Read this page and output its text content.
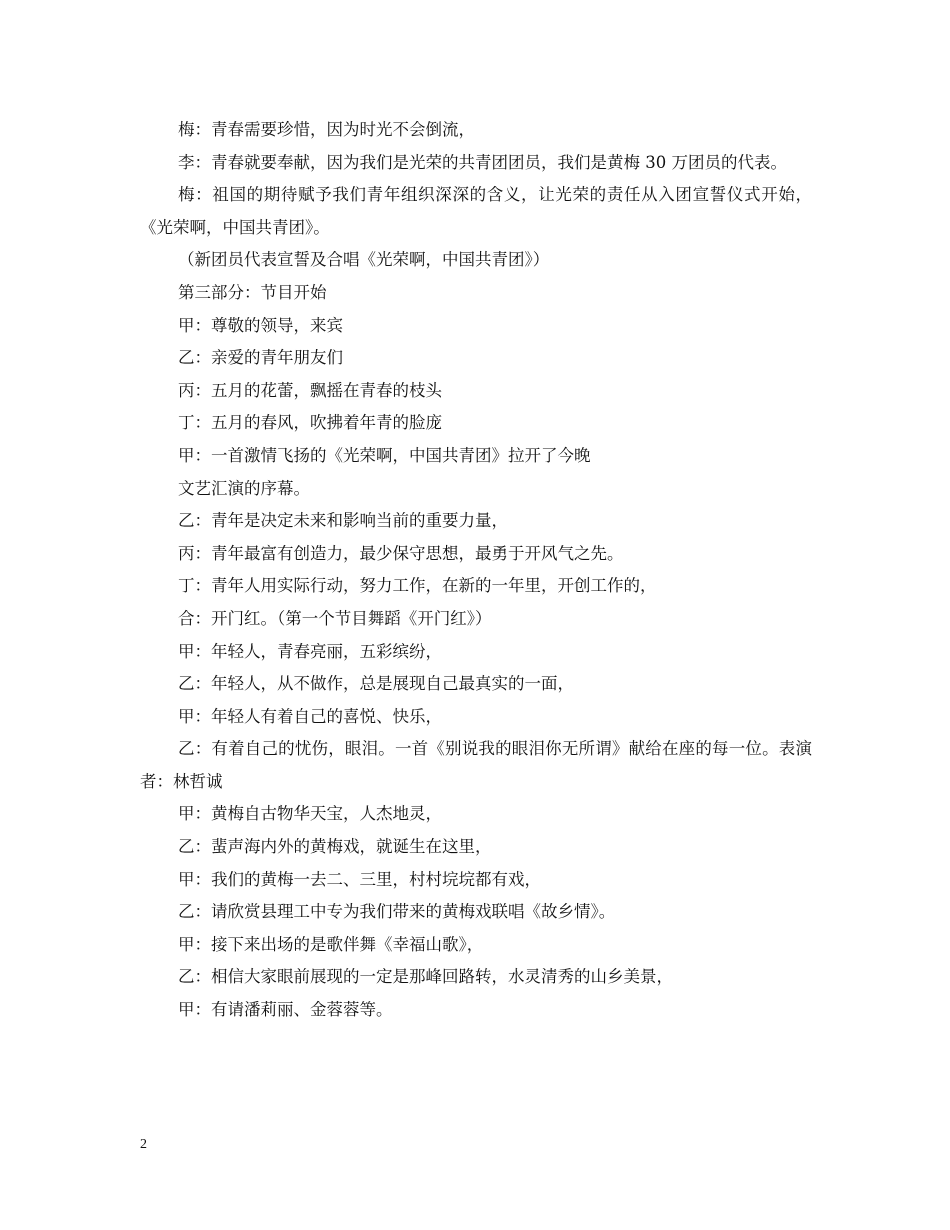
梅：青春需要珍惜，因为时光不会倒流，

李：青春就要奉献，因为我们是光荣的共青团团员，我们是黄梅 30 万团员的代表。

梅：祖国的期待赋予我们青年组织深深的含义，让光荣的责任从入团宣誓仪式开始，《光荣啊，中国共青团》。

（新团员代表宣誓及合唱《光荣啊，中国共青团》）

第三部分：节目开始

甲：尊敬的领导，来宾

乙：亲爱的青年朋友们

丙：五月的花蕾，飘摇在青春的枝头

丁：五月的春风，吹拂着年青的脸庞

甲：一首激情飞扬的《光荣啊，中国共青团》拉开了今晚

文艺汇演的序幕。

乙：青年是决定未来和影响当前的重要力量，

丙：青年最富有创造力，最少保守思想，最勇于开风气之先。

丁：青年人用实际行动，努力工作，在新的一年里，开创工作的，

合：开门红。（第一个节目舞蹈《开门红》）

甲：年轻人，青春亮丽，五彩缤纷，

乙：年轻人，从不做作，总是展现自己最真实的一面，

甲：年轻人有着自己的喜悦、快乐，

乙：有着自己的忧伤，眼泪。一首《别说我的眼泪你无所谓》献给在座的每一位。表演者：林哲诚

甲：黄梅自古物华天宝，人杰地灵，

乙：蜚声海内外的黄梅戏，就诞生在这里，

甲：我们的黄梅一去二、三里，村村垸垸都有戏，

乙：请欣赏县理工中专为我们带来的黄梅戏联唱《故乡情》。

甲：接下来出场的是歌伴舞《幸福山歌》，

乙：相信大家眼前展现的一定是那峰回路转，水灵清秀的山乡美景，

甲：有请潘莉丽、金蓉蓉等。

2
